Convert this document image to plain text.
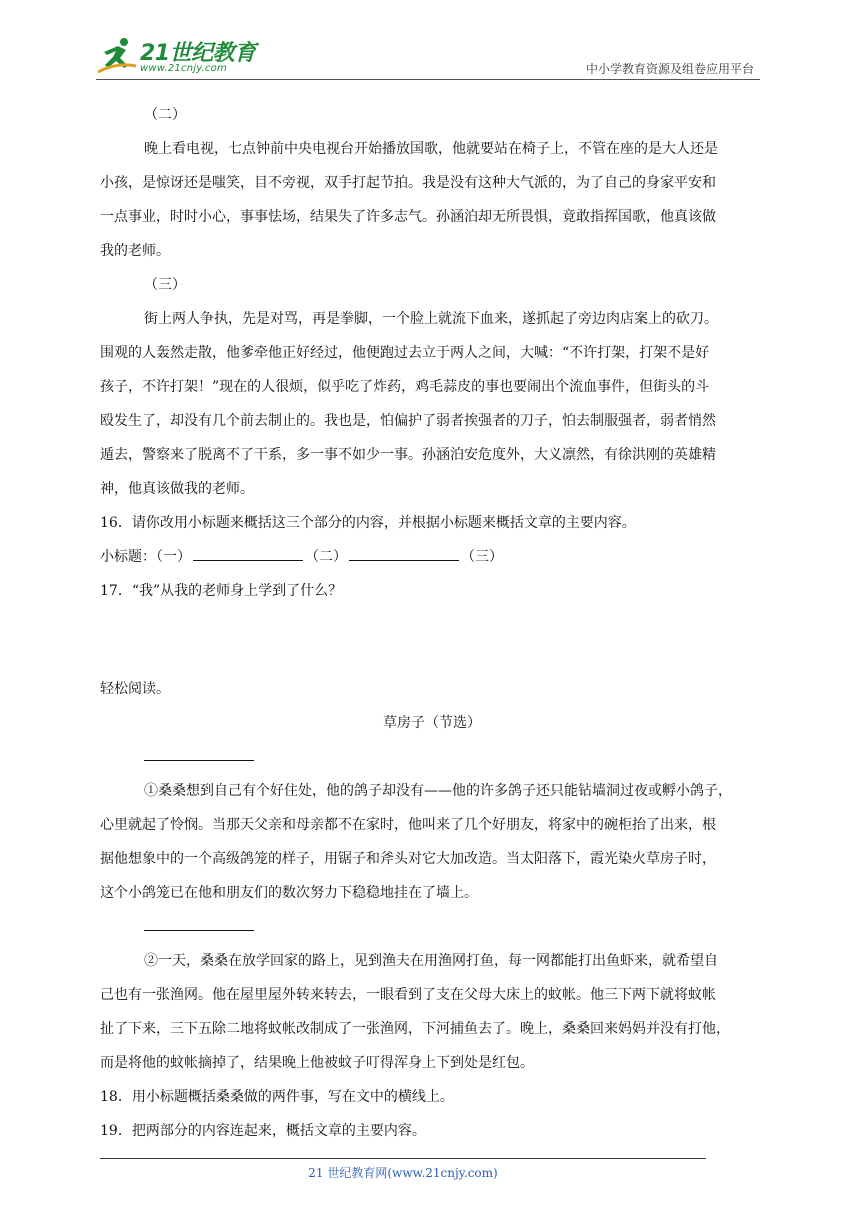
21世纪教育
www.21cnjy.com	中小学教育资源及组卷应用平台
（二）
晚上看电视，七点钟前中央电视台开始播放国歌，他就要站在椅子上，不管在座的是大人还是
小孩，是惊讶还是嗤笑，目不旁视，双手打起节拍。我是没有这种大气派的，为了自己的身家平安和
一点事业，时时小心，事事怯场，结果失了许多志气。孙涵泊却无所畏惧，竟敢指挥国歌，他真该做
我的老师。
（三）
街上两人争执，先是对骂，再是拳脚，一个脸上就流下血来，遂抓起了旁边肉店案上的砍刀。
围观的人轰然走散，他爹牵他正好经过，他便跑过去立于两人之间，大喊：“不许打架，打架不是好
孩子，不许打架！”现在的人很烦，似乎吃了炸药，鸡毛蒜皮的事也要闹出个流血事件，但街头的斗
殴发生了，却没有几个前去制止的。我也是，怕偏护了弱者挨强者的刀子，怕去制服强者，弱者悄然
遁去，警察来了脱离不了干系，多一事不如少一事。孙涵泊安危度外，大义凛然，有徐洪刚的英雄精
神，他真该做我的老师。
16．请你改用小标题来概括这三个部分的内容，并根据小标题来概括文章的主要内容。
小标题：（一）	（二）	（三）
17．“我”从我的老师身上学到了什么？
轻松阅读。
草房子（节选）
①桑桑想到自己有个好住处，他的鸽子却没有——他的许多鸽子还只能钻墙洞过夜或孵小鸽子，
心里就起了怜悯。当那天父亲和母亲都不在家时，他叫来了几个好朋友，将家中的碗柜抬了出来，根
据他想象中的一个高级鸽笼的样子，用锯子和斧头对它大加改造。当太阳落下，霞光染火草房子时，
这个小鸽笼已在他和朋友们的数次努力下稳稳地挂在了墙上。
②一天，桑桑在放学回家的路上，见到渔夫在用渔网打鱼，每一网都能打出鱼虾来，就希望自
己也有一张渔网。他在屋里屋外转来转去，一眼看到了支在父母大床上的蚊帐。他三下两下就将蚊帐
扯了下来，三下五除二地将蚊帐改制成了一张渔网，下河捕鱼去了。晚上，桑桑回来妈妈并没有打他，
而是将他的蚊帐摘掉了，结果晚上他被蚊子叮得浑身上下到处是红包。
18．用小标题概括桑桑做的两件事，写在文中的横线上。
19．把两部分的内容连起来，概括文章的主要内容。
21 世纪教育网(www.21cnjy.com)
